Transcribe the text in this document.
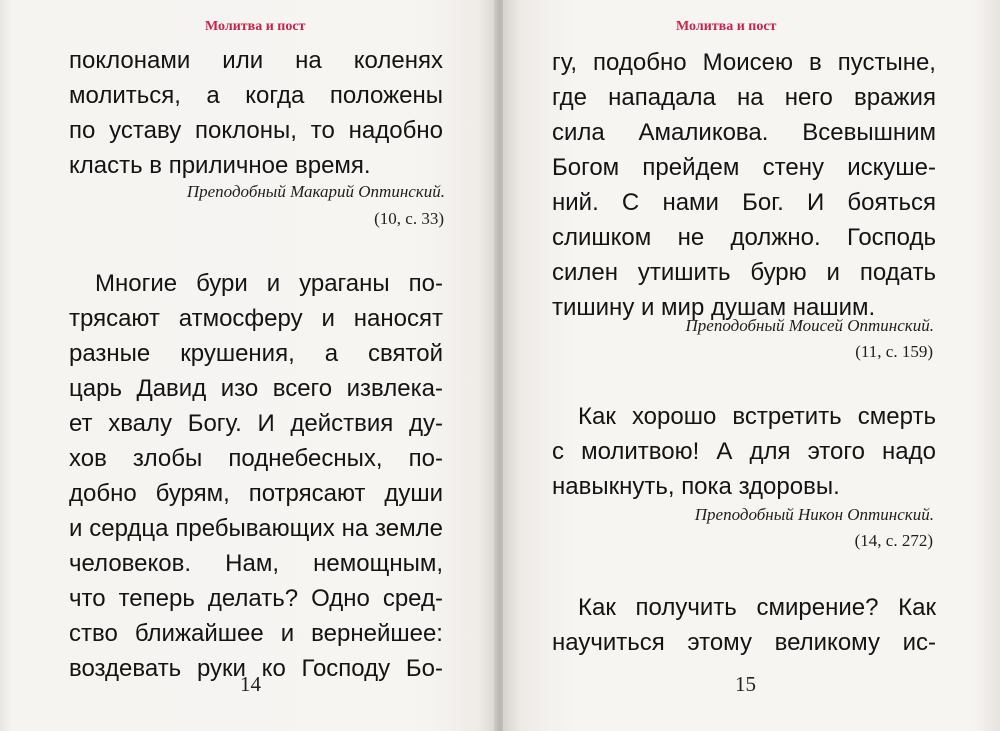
Молитва и пост
поклонами или на коленях
молиться, а когда положены
по уставу поклоны, то надобно
класть в приличное время.
Преподобный Макарий Оптинский.
(10, с. 33)
Многие бури и ураганы по-
трясают атмосферу и наносят
разные крушения, а святой
царь Давид изо всего извлека-
ет хвалу Богу. И действия ду-
хов злобы поднебесных, по-
добно бурям, потрясают души
и сердца пребывающих на земле
человеков. Нам, немощным,
что теперь делать? Одно сред-
ство ближайшее и вернейшее:
воздевать руки ко Господу Бо-
14
Молитва и пост
гу, подобно Моисею в пустыне,
где нападала на него вражия
сила Амаликова. Всевышним
Богом прейдем стену искуше-
ний. С нами Бог. И бояться
слишком не должно. Господь
силен утишить бурю и подать
тишину и мир душам нашим.
Преподобный Моисей Оптинский.
(11, с. 159)
Как хорошо встретить смерть
с молитвою! А для этого надо
навыкнуть, пока здоровы.
Преподобный Никон Оптинский.
(14, с. 272)
Как получить смирение? Как
научиться этому великому ис-
15
